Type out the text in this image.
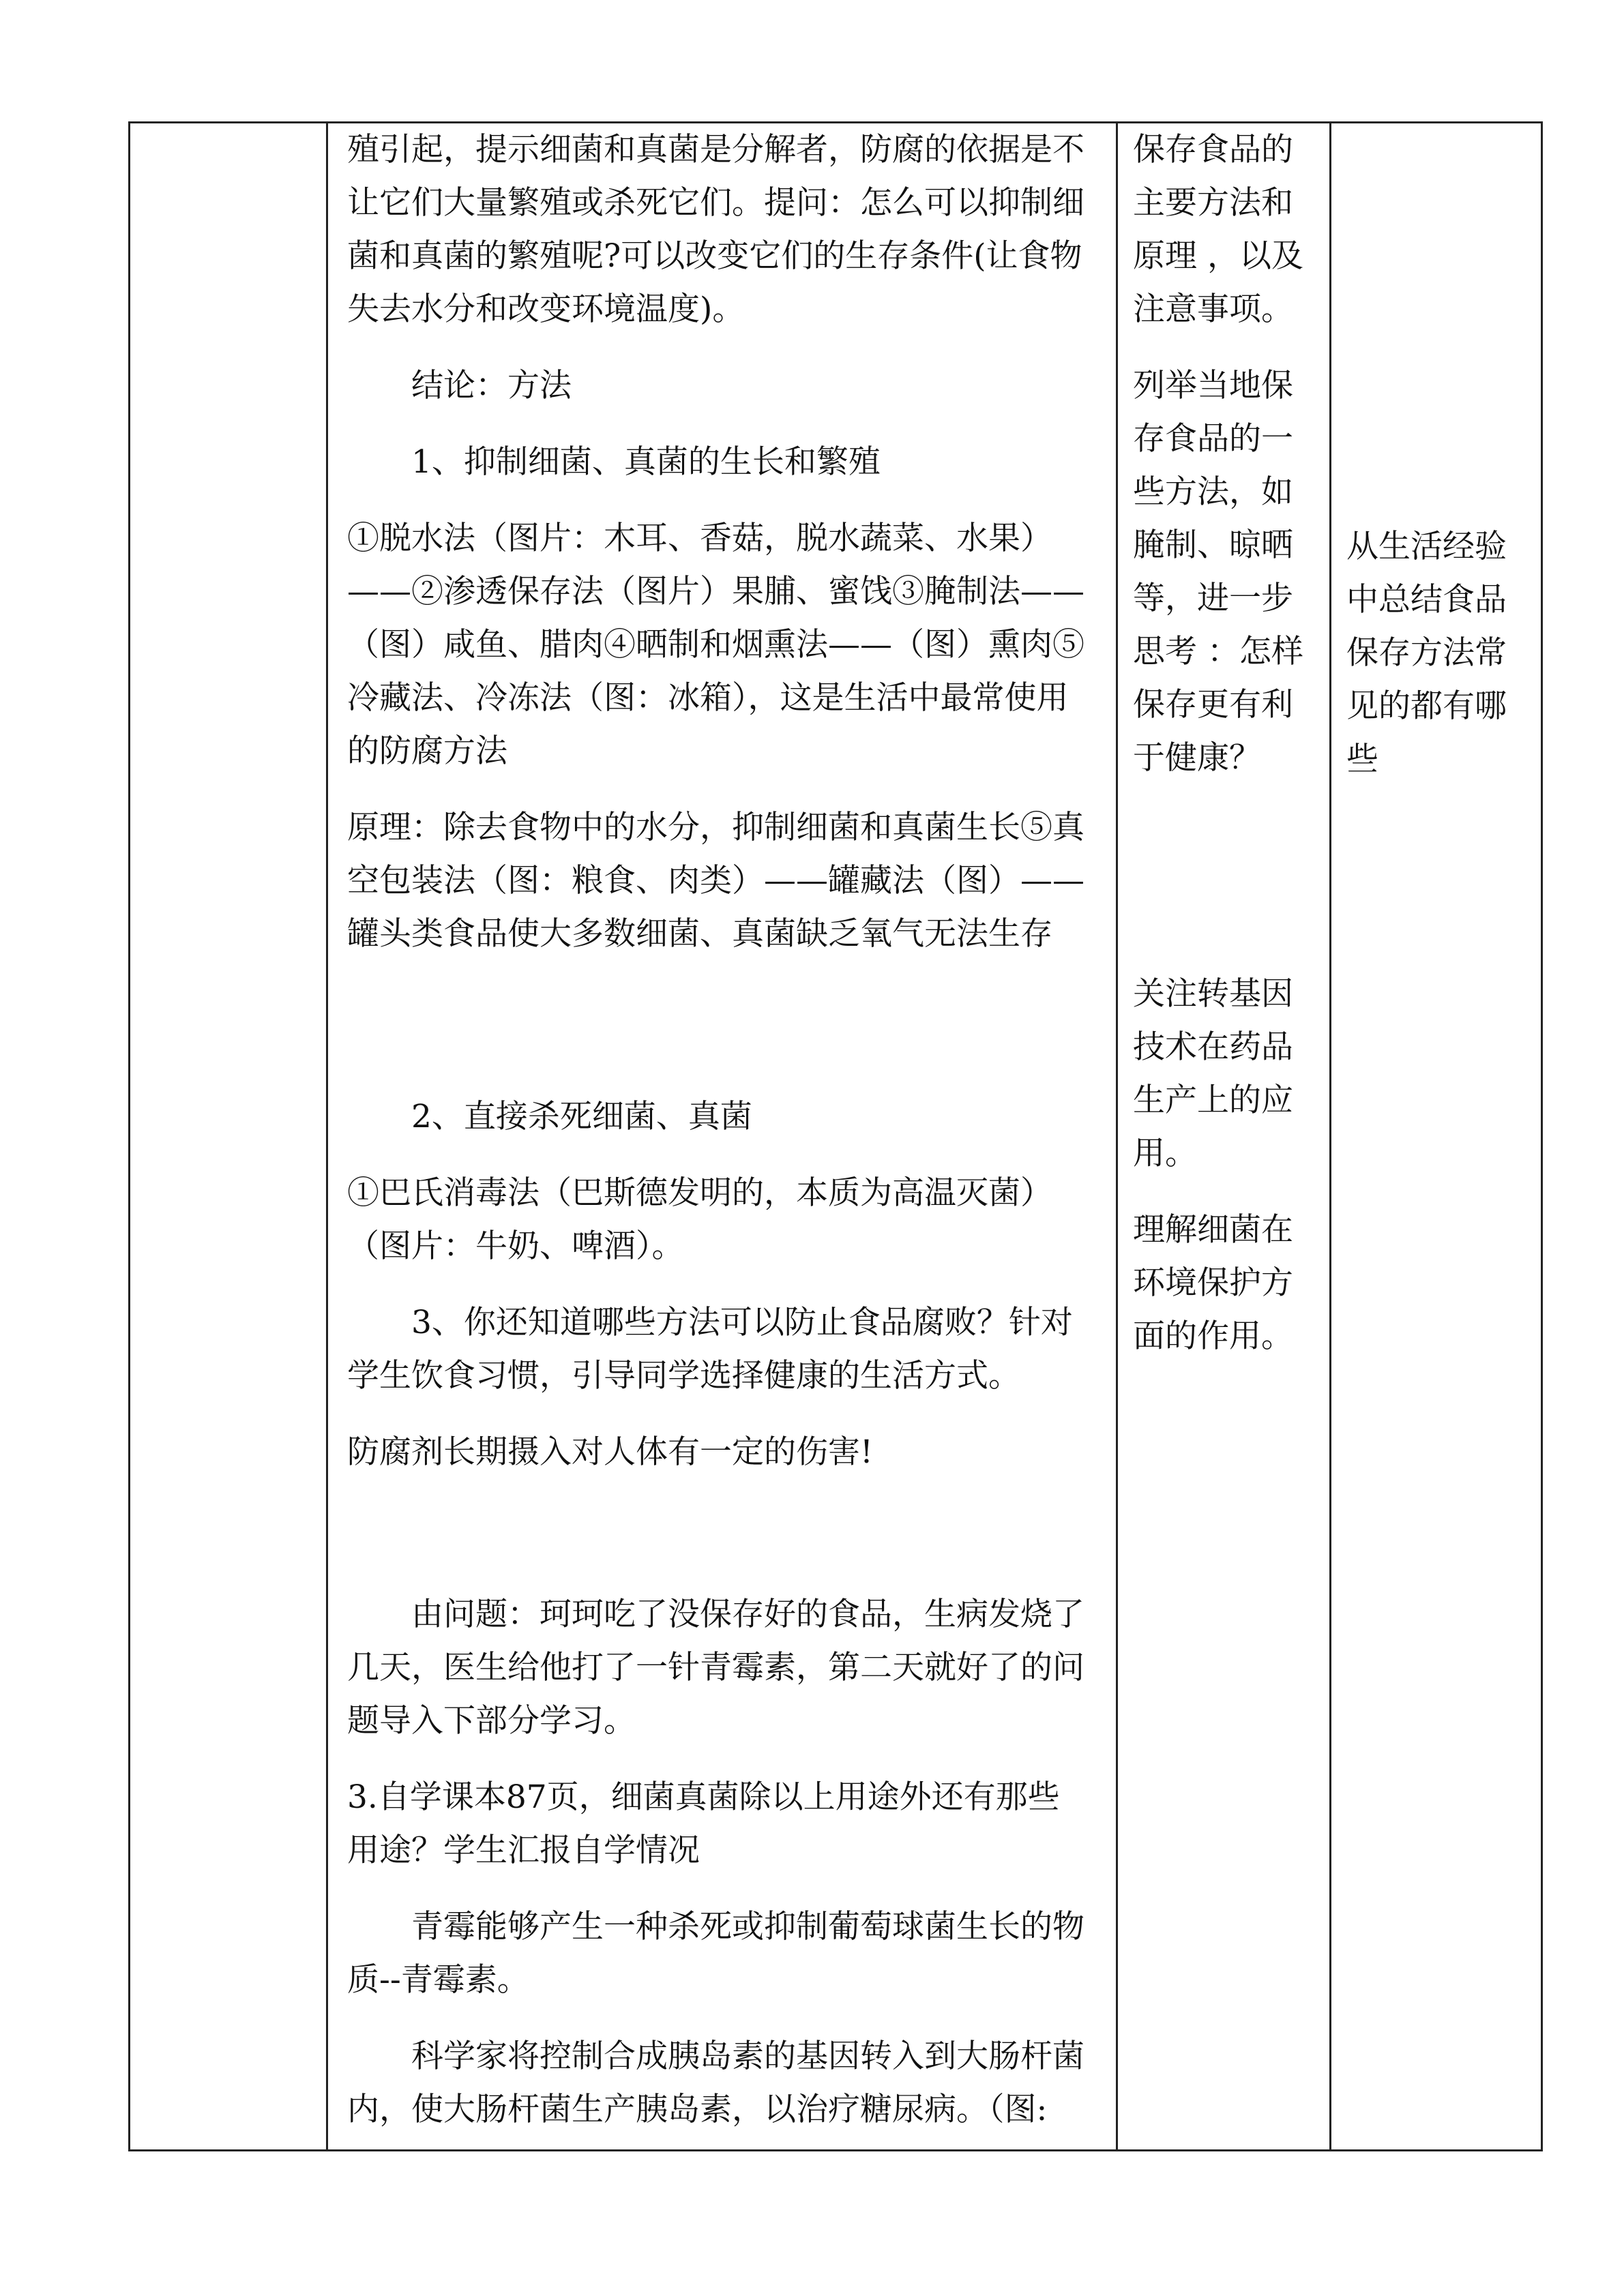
殖引起，提示细菌和真菌是分解者，防腐的依据是不让它们大量繁殖或杀死它们。提问：怎么可以抑制细菌和真菌的繁殖呢?可以改变它们的生存条件(让食物失去水分和改变环境温度)。

结论：方法

1、抑制细菌、真菌的生长和繁殖

①脱水法（图片：木耳、香菇，脱水蔬菜、水果）——②渗透保存法（图片）果脯、蜜饯③腌制法——（图）咸鱼、腊肉④晒制和烟熏法——（图）熏肉⑤冷藏法、冷冻法（图：冰箱），这是生活中最常使用的防腐方法

原理：除去食物中的水分，抑制细菌和真菌生长⑤真空包装法（图：粮食、肉类）——罐藏法（图）——罐头类食品使大多数细菌、真菌缺乏氧气无法生存

2、直接杀死细菌、真菌

①巴氏消毒法（巴斯德发明的，本质为高温灭菌）（图片：牛奶、啤酒）。

3、你还知道哪些方法可以防止食品腐败？针对学生饮食习惯，引导同学选择健康的生活方式。

防腐剂长期摄入对人体有一定的伤害!

由问题：珂珂吃了没保存好的食品，生病发烧了几天，医生给他打了一针青霉素，第二天就好了的问题导入下部分学习。

3.自学课本87页，细菌真菌除以上用途外还有那些用途？学生汇报自学情况

青霉能够产生一种杀死或抑制葡萄球菌生长的物质--青霉素。

科学家将控制合成胰岛素的基因转入到大肠杆菌内，使大肠杆菌生产胰岛素，以治疗糖尿病。（图:

保存食品的主要方法和原理 ，以及注意事项。

列举当地保存食品的一些方法，如腌制、晾晒等，进一步思考 ：怎样保存更有利于健康？

关注转基因技术在药品生产上的应用。

理解细菌在环境保护方面的作用。

从生活经验中总结食品保存方法常见的都有哪些
